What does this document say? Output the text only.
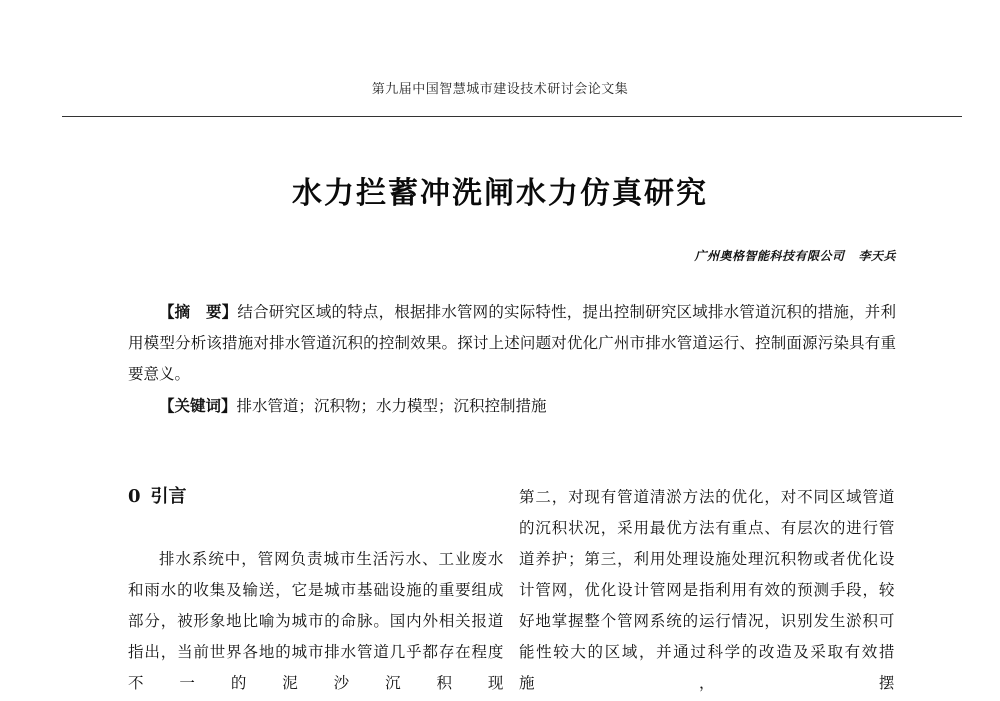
第九届中国智慧城市建设技术研讨会论文集
水力拦蓄冲洗闸水力仿真研究
广州奥格智能科技有限公司 李天兵
【摘　要】结合研究区域的特点，根据排水管网的实际特性，提出控制研究区域排水管道沉积的措施，并利用模型分析该措施对排水管道沉积的控制效果。探讨上述问题对优化广州市排水管道运行、控制面源污染具有重要意义。
【关键词】排水管道；沉积物；水力模型；沉积控制措施
0 引言

排水系统中，管网负责城市生活污水、工业废水和雨水的收集及输送，它是城市基础设施的重要组成部分，被形象地比喻为城市的命脉。国内外相关报道指出，当前世界各地的城市排水管道几乎都存在程度不一的泥沙沉积现

第二，对现有管道清淤方法的优化，对不同区域管道的沉积状况，采用最优方法有重点、有层次的进行管道养护；第三，利用处理设施处理沉积物或者优化设计管网，优化设计管网是指利用有效的预测手段，较好地掌握整个管网系统的运行情况，识别发生淤积可能性较大的区域，并通过科学的改造及采取有效措施，摆
